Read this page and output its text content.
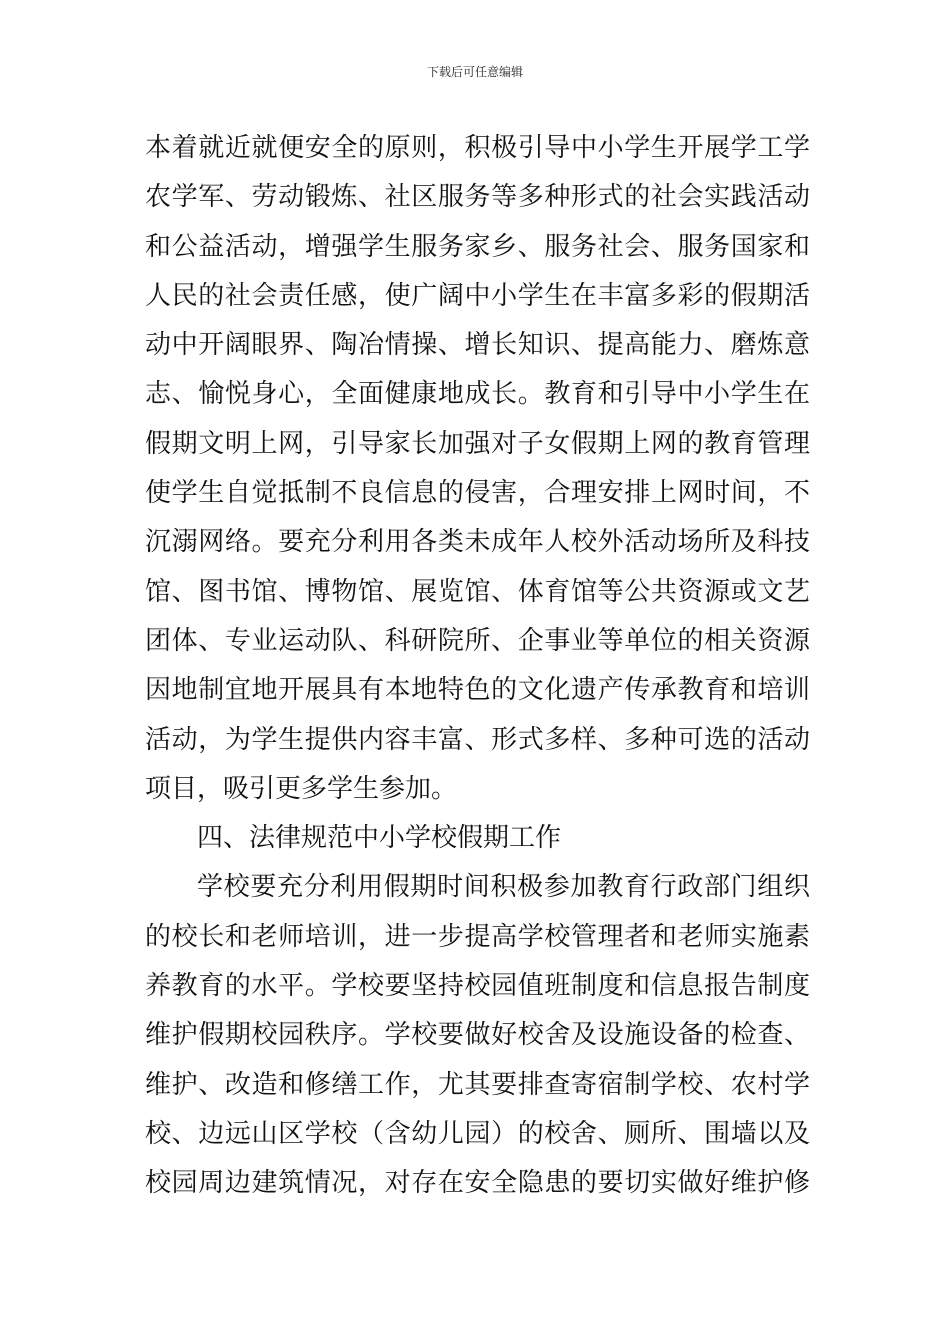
下载后可任意编辑
本着就近就便安全的原则，积极引导中小学生开展学工学
农学军、劳动锻炼、社区服务等多种形式的社会实践活动
和公益活动，增强学生服务家乡、服务社会、服务国家和
人民的社会责任感，使广阔中小学生在丰富多彩的假期活
动中开阔眼界、陶冶情操、增长知识、提高能力、磨炼意
志、愉悦身心，全面健康地成长。教育和引导中小学生在
假期文明上网，引导家长加强对子女假期上网的教育管理
使学生自觉抵制不良信息的侵害，合理安排上网时间，不
沉溺网络。要充分利用各类未成年人校外活动场所及科技
馆、图书馆、博物馆、展览馆、体育馆等公共资源或文艺
团体、专业运动队、科研院所、企事业等单位的相关资源
因地制宜地开展具有本地特色的文化遗产传承教育和培训
活动，为学生提供内容丰富、形式多样、多种可选的活动
项目，吸引更多学生参加。
四、法律规范中小学校假期工作
学校要充分利用假期时间积极参加教育行政部门组织
的校长和老师培训，进一步提高学校管理者和老师实施素
养教育的水平。学校要坚持校园值班制度和信息报告制度
维护假期校园秩序。学校要做好校舍及设施设备的检查、
维护、改造和修缮工作，尤其要排查寄宿制学校、农村学
校、边远山区学校（含幼儿园）的校舍、厕所、围墙以及
校园周边建筑情况，对存在安全隐患的要切实做好维护修
